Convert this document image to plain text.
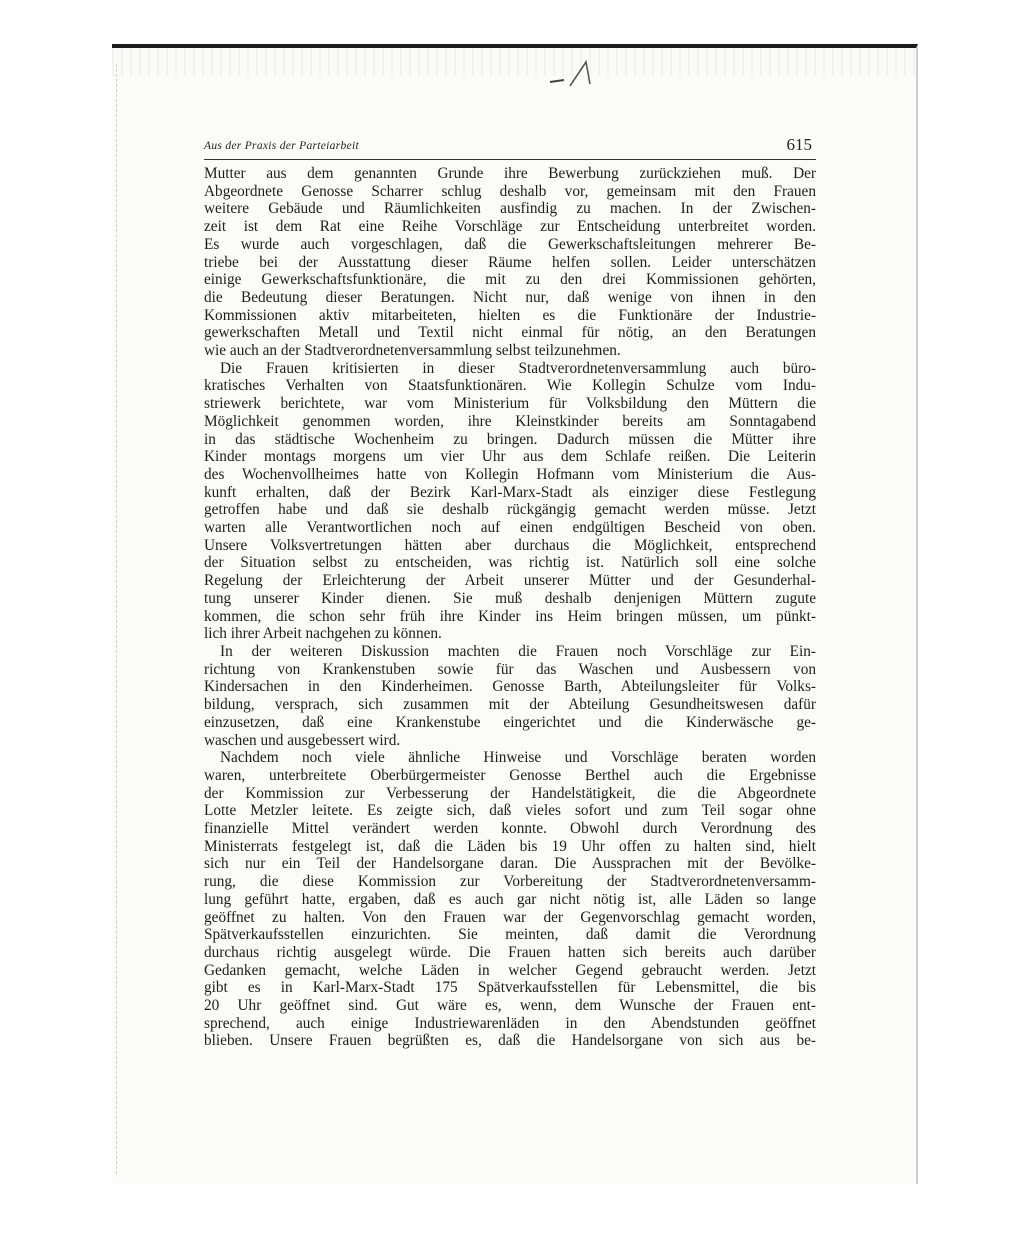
Aus der Praxis der Parteiarbeit	615

Mutter aus dem genannten Grunde ihre Bewerbung zurückziehen muß. Der

Abgeordnete Genosse Scharrer schlug deshalb vor, gemeinsam mit den Frauen

weitere Gebäude und Räumlichkeiten ausfindig zu machen. In der Zwischen-

zeit ist dem Rat eine Reihe Vorschläge zur Entscheidung unterbreitet worden.

Es wurde auch vorgeschlagen, daß die Gewerkschaftsleitungen mehrerer Be-

triebe bei der Ausstattung dieser Räume helfen sollen. Leider unterschätzen

einige Gewerkschaftsfunktionäre, die mit zu den drei Kommissionen gehörten,

die Bedeutung dieser Beratungen. Nicht nur, daß wenige von ihnen in den

Kommissionen aktiv mitarbeiteten, hielten es die Funktionäre der Industrie-

gewerkschaften Metall und Textil nicht einmal für nötig, an den Beratungen

wie auch an der Stadtverordnetenversammlung selbst teilzunehmen.

Die Frauen kritisierten in dieser Stadtverordnetenversammlung auch büro-

kratisches Verhalten von Staatsfunktionären. Wie Kollegin Schulze vom Indu-

striewerk berichtete, war vom Ministerium für Volksbildung den Müttern die

Möglichkeit genommen worden, ihre Kleinstkinder bereits am Sonntagabend

in das städtische Wochenheim zu bringen. Dadurch müssen die Mütter ihre

Kinder montags morgens um vier Uhr aus dem Schlafe reißen. Die Leiterin

des Wochenvollheimes hatte von Kollegin Hofmann vom Ministerium die Aus-

kunft erhalten, daß der Bezirk Karl-Marx-Stadt als einziger diese Festlegung

getroffen habe und daß sie deshalb rückgängig gemacht werden müsse. Jetzt

warten alle Verantwortlichen noch auf einen endgültigen Bescheid von oben.

Unsere Volksvertretungen hätten aber durchaus die Möglichkeit, entsprechend

der Situation selbst zu entscheiden, was richtig ist. Natürlich soll eine solche

Regelung der Erleichterung der Arbeit unserer Mütter und der Gesunderhal-

tung unserer Kinder dienen. Sie muß deshalb denjenigen Müttern zugute

kommen, die schon sehr früh ihre Kinder ins Heim bringen müssen, um pünkt-

lich ihrer Arbeit nachgehen zu können.

In der weiteren Diskussion machten die Frauen noch Vorschläge zur Ein-

richtung von Krankenstuben sowie für das Waschen und Ausbessern von

Kindersachen in den Kinderheimen. Genosse Barth, Abteilungsleiter für Volks-

bildung, versprach, sich zusammen mit der Abteilung Gesundheitswesen dafür

einzusetzen, daß eine Krankenstube eingerichtet und die Kinderwäsche ge-

waschen und ausgebessert wird.

Nachdem noch viele ähnliche Hinweise und Vorschläge beraten worden

waren, unterbreitete Oberbürgermeister Genosse Berthel auch die Ergebnisse

der Kommission zur Verbesserung der Handelstätigkeit, die die Abgeordnete

Lotte Metzler leitete. Es zeigte sich, daß vieles sofort und zum Teil sogar ohne

finanzielle Mittel verändert werden konnte. Obwohl durch Verordnung des

Ministerrats festgelegt ist, daß die Läden bis 19 Uhr offen zu halten sind, hielt

sich nur ein Teil der Handelsorgane daran. Die Aussprachen mit der Bevölke-

rung, die diese Kommission zur Vorbereitung der Stadtverordnetenversamm-

lung geführt hatte, ergaben, daß es auch gar nicht nötig ist, alle Läden so lange

geöffnet zu halten. Von den Frauen war der Gegenvorschlag gemacht worden,

Spätverkaufsstellen einzurichten. Sie meinten, daß damit die Verordnung

durchaus richtig ausgelegt würde. Die Frauen hatten sich bereits auch darüber

Gedanken gemacht, welche Läden in welcher Gegend gebraucht werden. Jetzt

gibt es in Karl-Marx-Stadt 175 Spätverkaufsstellen für Lebensmittel, die bis

20 Uhr geöffnet sind. Gut wäre es, wenn, dem Wunsche der Frauen ent-

sprechend, auch einige Industriewarenläden in den Abendstunden geöffnet

blieben. Unsere Frauen begrüßten es, daß die Handelsorgane von sich aus be-
